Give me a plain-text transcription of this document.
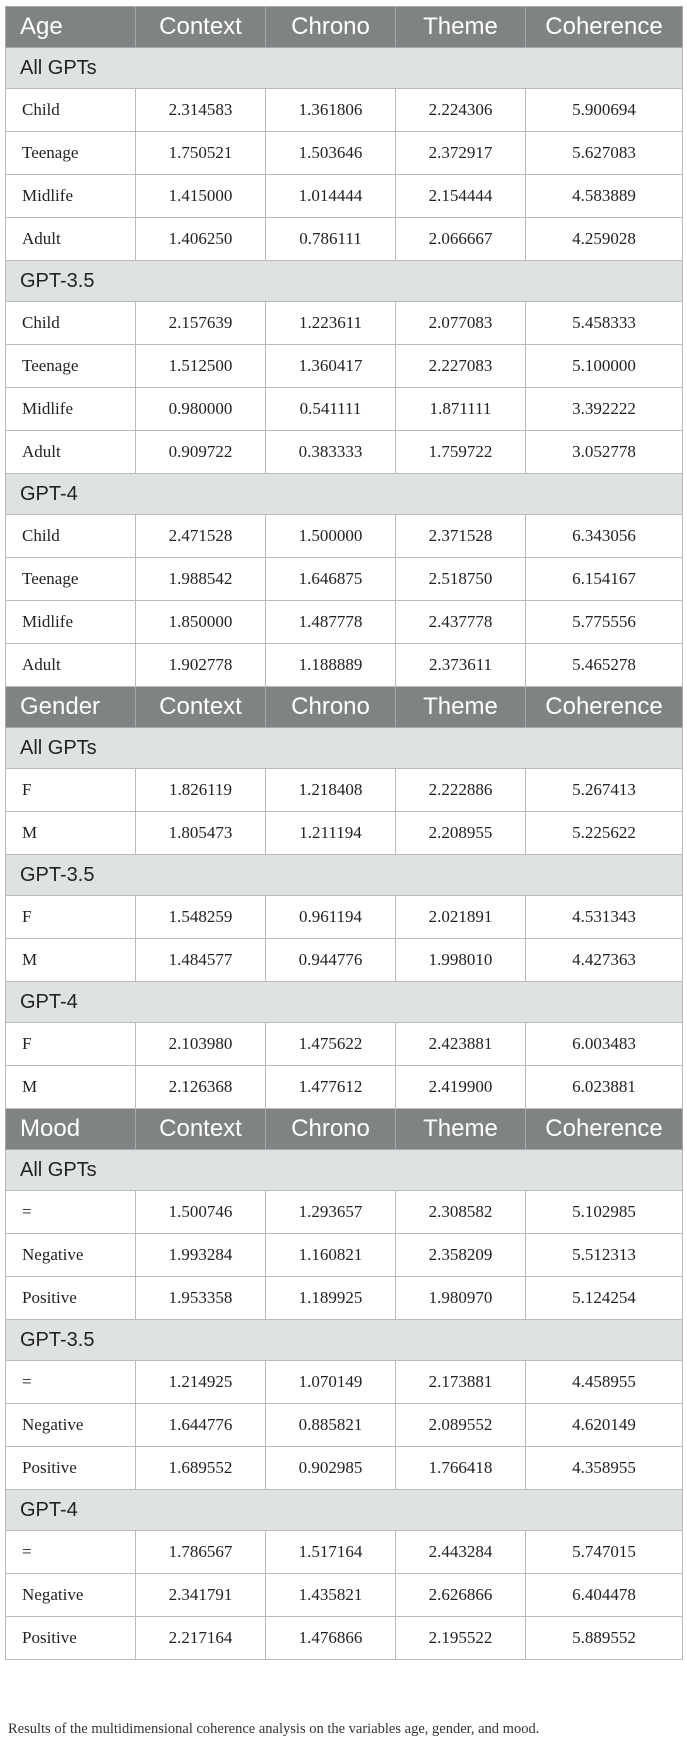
Age	Context	Chrono	Theme	Coherence
All GPTs				
Child	2.314583	1.361806	2.224306	5.900694
Teenage	1.750521	1.503646	2.372917	5.627083
Midlife	1.415000	1.014444	2.154444	4.583889
Adult	1.406250	0.786111	2.066667	4.259028
GPT-3.5				
Child	2.157639	1.223611	2.077083	5.458333
Teenage	1.512500	1.360417	2.227083	5.100000
Midlife	0.980000	0.541111	1.871111	3.392222
Adult	0.909722	0.383333	1.759722	3.052778
GPT-4				
Child	2.471528	1.500000	2.371528	6.343056
Teenage	1.988542	1.646875	2.518750	6.154167
Midlife	1.850000	1.487778	2.437778	5.775556
Adult	1.902778	1.188889	2.373611	5.465278
Gender	Context	Chrono	Theme	Coherence
All GPTs				
F	1.826119	1.218408	2.222886	5.267413
M	1.805473	1.211194	2.208955	5.225622
GPT-3.5				
F	1.548259	0.961194	2.021891	4.531343
M	1.484577	0.944776	1.998010	4.427363
GPT-4				
F	2.103980	1.475622	2.423881	6.003483
M	2.126368	1.477612	2.419900	6.023881
Mood	Context	Chrono	Theme	Coherence
All GPTs				
=	1.500746	1.293657	2.308582	5.102985
Negative	1.993284	1.160821	2.358209	5.512313
Positive	1.953358	1.189925	1.980970	5.124254
GPT-3.5				
=	1.214925	1.070149	2.173881	4.458955
Negative	1.644776	0.885821	2.089552	4.620149
Positive	1.689552	0.902985	1.766418	4.358955
GPT-4				
=	1.786567	1.517164	2.443284	5.747015
Negative	2.341791	1.435821	2.626866	6.404478
Positive	2.217164	1.476866	2.195522	5.889552
Results of the multidimensional coherence analysis on the variables age, gender, and mood.
